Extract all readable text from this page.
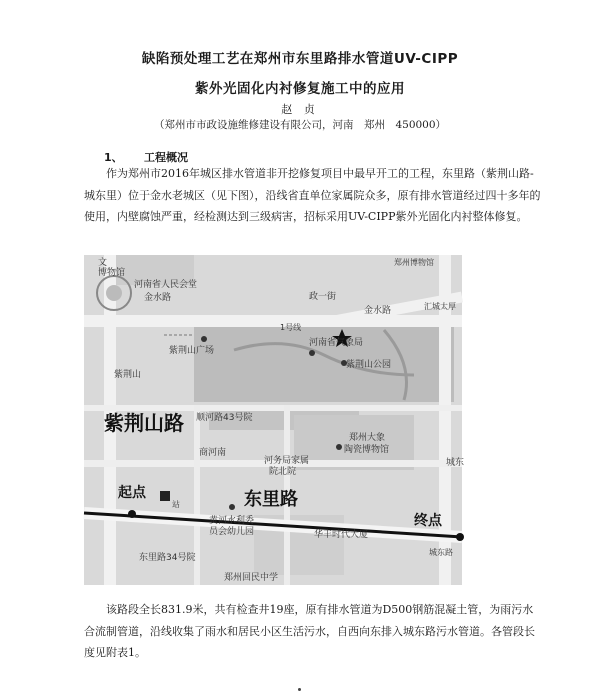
缺陷预处理工艺在郑州市东里路排水管道UV-CIPP
紫外光固化内衬修复施工中的应用
赵 贞
（郑州市市政设施维修建设有限公司，河南　郑州　450000）
1、 工程概况

作为郑州市2016年城区排水管道非开挖修复项目中最早开工的工程，东里路（紫荆山路-城东里）位于金水老城区（见下图），沿线省直单位家属院众多，原有排水管道经过四十多年的使用，内壁腐蚀严重，经检测达到三级病害，招标采用UV-CIPP紫外光固化内衬整体修复。

文
博物馆
河南省人民会堂
金水路	政一街
金水路	汇城太厚
郑州博物馆
1号线
紫荆山广场
河南省气象局
紫荆山公园
紫荆山
紫荆山路 顺河路43号院
商河南
郑州大象
陶瓷博物馆
河务局家属
院北院
城东
起点	东里路
站
黄河水利委
员会幼儿园
终点
华丰时代大厦
城东路
东里路34号院
郑州回民中学

该路段全长831.9米，共有检查井19座，原有排水管道为D500钢筋混凝土管，为雨污水合流制管道，沿线收集了雨水和居民小区生活污水，自西向东排入城东路污水管道。各管段长度见附表1。
